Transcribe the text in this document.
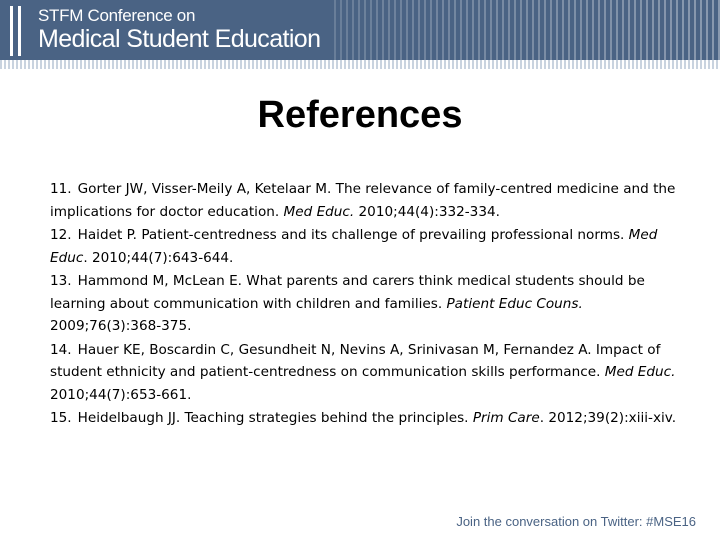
STFM Conference on
Medical Student Education
References
11. Gorter JW, Visser-Meily A, Ketelaar M. The relevance of family-centred medicine and the implications for doctor education. Med Educ. 2010;44(4):332-334.
12. Haidet P. Patient-centredness and its challenge of prevailing professional norms. Med Educ. 2010;44(7):643-644.
13. Hammond M, McLean E. What parents and carers think medical students should be learning about communication with children and families. Patient Educ Couns. 2009;76(3):368-375.
14. Hauer KE, Boscardin C, Gesundheit N, Nevins A, Srinivasan M, Fernandez A. Impact of student ethnicity and patient-centredness on communication skills performance. Med Educ. 2010;44(7):653-661.
15. Heidelbaugh JJ. Teaching strategies behind the principles. Prim Care. 2012;39(2):xiii-xiv.
Join the conversation on Twitter: #MSE16
